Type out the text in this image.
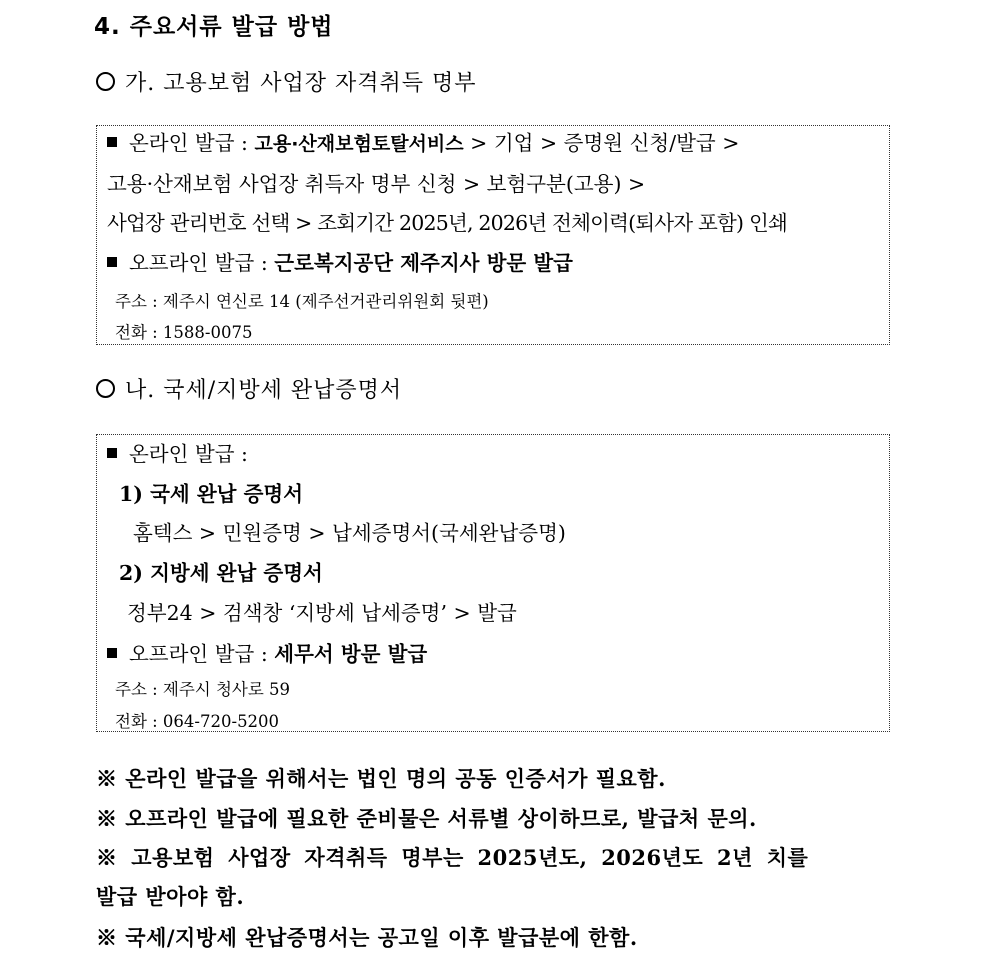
4. 주요서류 발급 방법
가. 고용보험 사업장 자격취득 명부
온라인 발급 : 고용·산재보험토탈서비스 > 기업 > 증명원 신청/발급 >
고용·산재보험 사업장 취득자 명부 신청 > 보험구분(고용) >
사업장 관리번호 선택 > 조회기간 2025년, 2026년 전체이력(퇴사자 포함) 인쇄
오프라인 발급 : 근로복지공단 제주지사 방문 발급
주소 : 제주시 연신로 14 (제주선거관리위원회 뒷편)
전화 : 1588-0075
나. 국세/지방세 완납증명서
온라인 발급 :
1) 국세 완납 증명서
홈텍스 > 민원증명 > 납세증명서(국세완납증명)
2) 지방세 완납 증명서
정부24 > 검색창 ‘지방세 납세증명’ > 발급
오프라인 발급 : 세무서 방문 발급
주소 : 제주시 청사로 59
전화 : 064-720-5200
※ 온라인 발급을 위해서는 법인 명의 공동 인증서가 필요함.
※ 오프라인 발급에 필요한 준비물은 서류별 상이하므로, 발급처 문의.
※ 고용보험 사업장 자격취득 명부는 2025년도, 2026년도 2년 치를
발급 받아야 함.
※ 국세/지방세 완납증명서는 공고일 이후 발급분에 한함.
